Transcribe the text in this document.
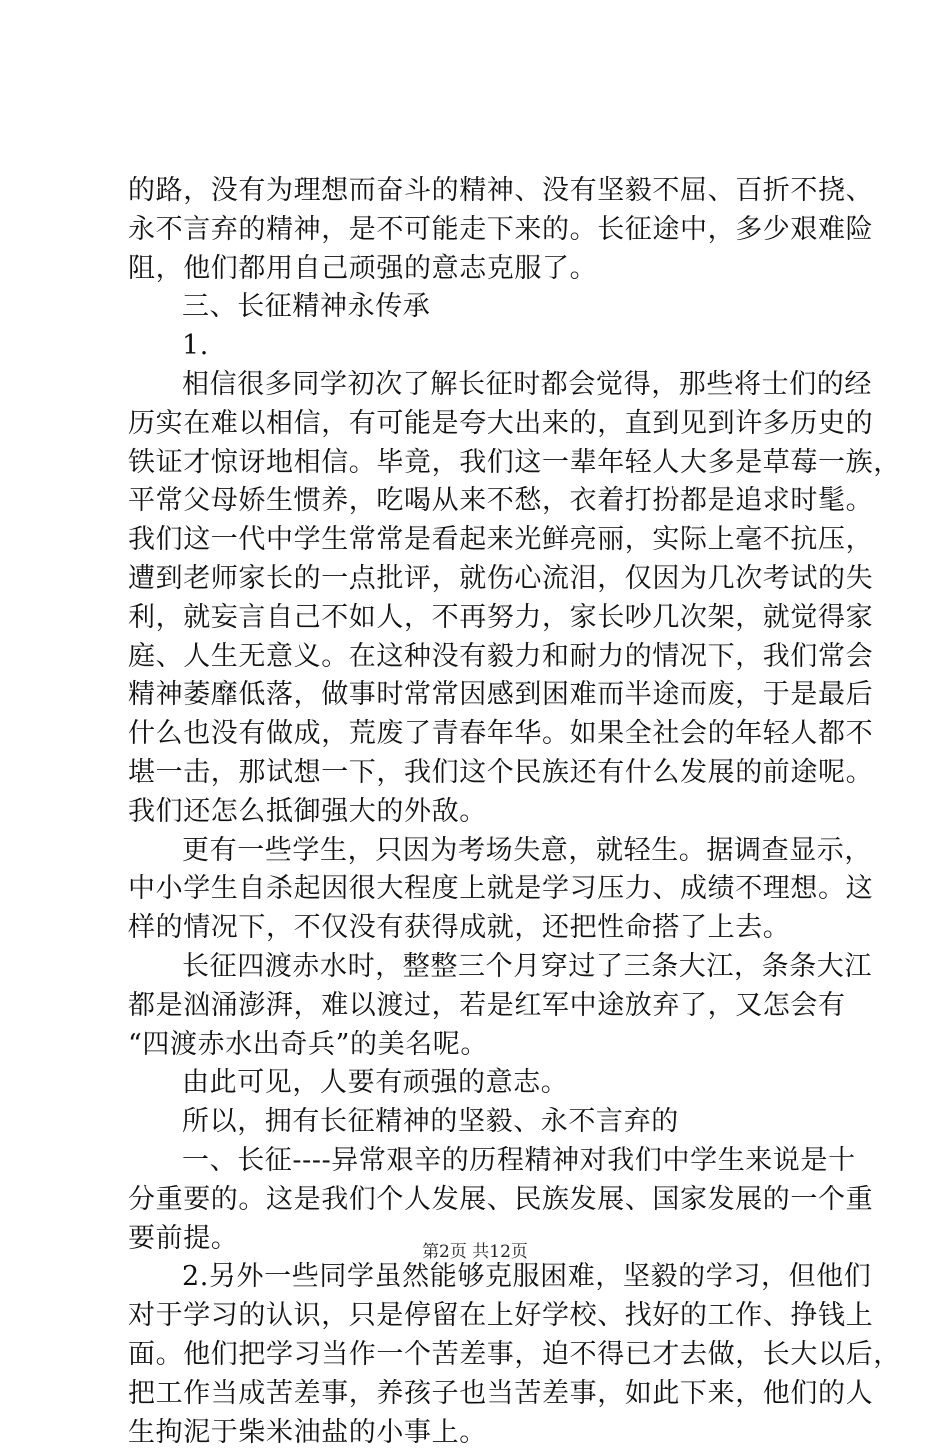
的路，没有为理想而奋斗的精神、没有坚毅不屈、百折不挠、
永不言弃的精神，是不可能走下来的。长征途中，多少艰难险
阻，他们都用自己顽强的意志克服了。
三、长征精神永传承
1.
相信很多同学初次了解长征时都会觉得，那些将士们的经
历实在难以相信，有可能是夸大出来的，直到见到许多历史的
铁证才惊讶地相信。毕竟，我们这一辈年轻人大多是草莓一族，
平常父母娇生惯养，吃喝从来不愁，衣着打扮都是追求时髦。
我们这一代中学生常常是看起来光鲜亮丽，实际上毫不抗压，
遭到老师家长的一点批评，就伤心流泪，仅因为几次考试的失
利，就妄言自己不如人，不再努力，家长吵几次架，就觉得家
庭、人生无意义。在这种没有毅力和耐力的情况下，我们常会
精神萎靡低落，做事时常常因感到困难而半途而废，于是最后
什么也没有做成，荒废了青春年华。如果全社会的年轻人都不
堪一击，那试想一下，我们这个民族还有什么发展的前途呢。
我们还怎么抵御强大的外敌。
更有一些学生，只因为考场失意，就轻生。据调查显示，
中小学生自杀起因很大程度上就是学习压力、成绩不理想。这
样的情况下，不仅没有获得成就，还把性命搭了上去。
长征四渡赤水时，整整三个月穿过了三条大江，条条大江
都是汹涌澎湃，难以渡过，若是红军中途放弃了，又怎会有
“四渡赤水出奇兵”的美名呢。
由此可见，人要有顽强的意志。
所以，拥有长征精神的坚毅、永不言弃的
一、长征----异常艰辛的历程精神对我们中学生来说是十
分重要的。这是我们个人发展、民族发展、国家发展的一个重
要前提。
2.另外一些同学虽然能够克服困难，坚毅的学习，但他们
对于学习的认识，只是停留在上好学校、找好的工作、挣钱上
面。他们把学习当作一个苦差事，迫不得已才去做，长大以后，
把工作当成苦差事，养孩子也当苦差事，如此下来，他们的人
生拘泥于柴米油盐的小事上。
第2页 共12页
